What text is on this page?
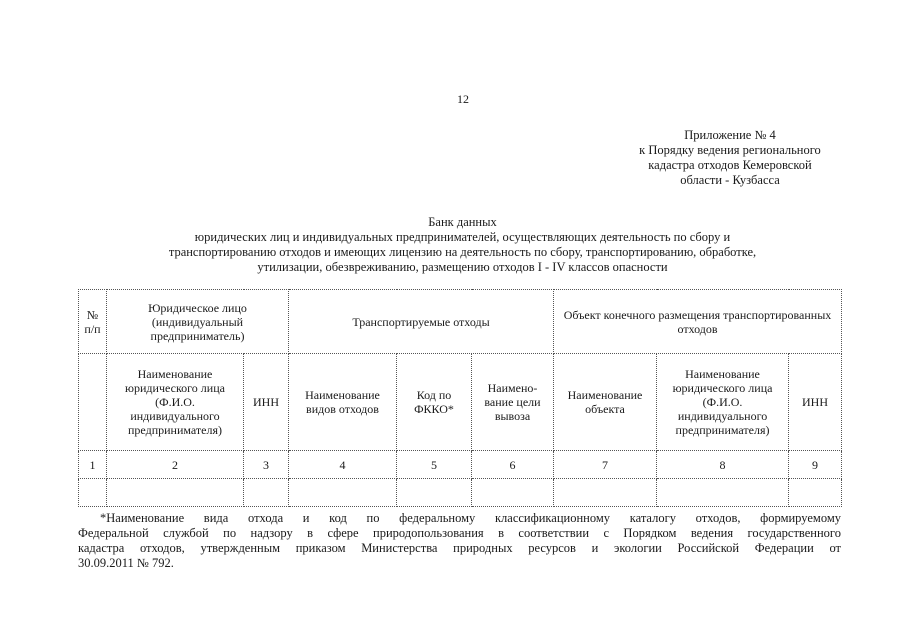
12
Приложение № 4
к Порядку ведения регионального
кадастра отходов Кемеровской
области - Кузбасса
Банк данных
юридических лиц и индивидуальных предпринимателей, осуществляющих деятельность по сбору и
транспортированию отходов и имеющих лицензию на деятельность по сбору, транспортированию, обработке,
утилизации, обезвреживанию, размещению отходов I - IV классов опасности
№ п/п	Юридическое лицо (индивидуальный предприниматель)		Транспортируемые отходы			Объект конечного размещения транспортированных отходов		
	Наименование юридического лица (Ф.И.О. индивидуального предпринимателя)	ИНН	Наименование видов отходов	Код по ФККО*	Наимено-вание цели вывоза	Наименование объекта	Наименование юридического лица (Ф.И.О. индивидуального предпринимателя)	ИНН
1	2	3	4	5	6	7	8	9

*Наименование вида отхода и код по федеральному классификационному каталогу отходов, формируемому
Федеральной службой по надзору в сфере природопользования в соответствии с Порядком ведения государственного
кадастра отходов, утвержденным приказом Министерства природных ресурсов и экологии Российской Федерации от
30.09.2011 № 792.
